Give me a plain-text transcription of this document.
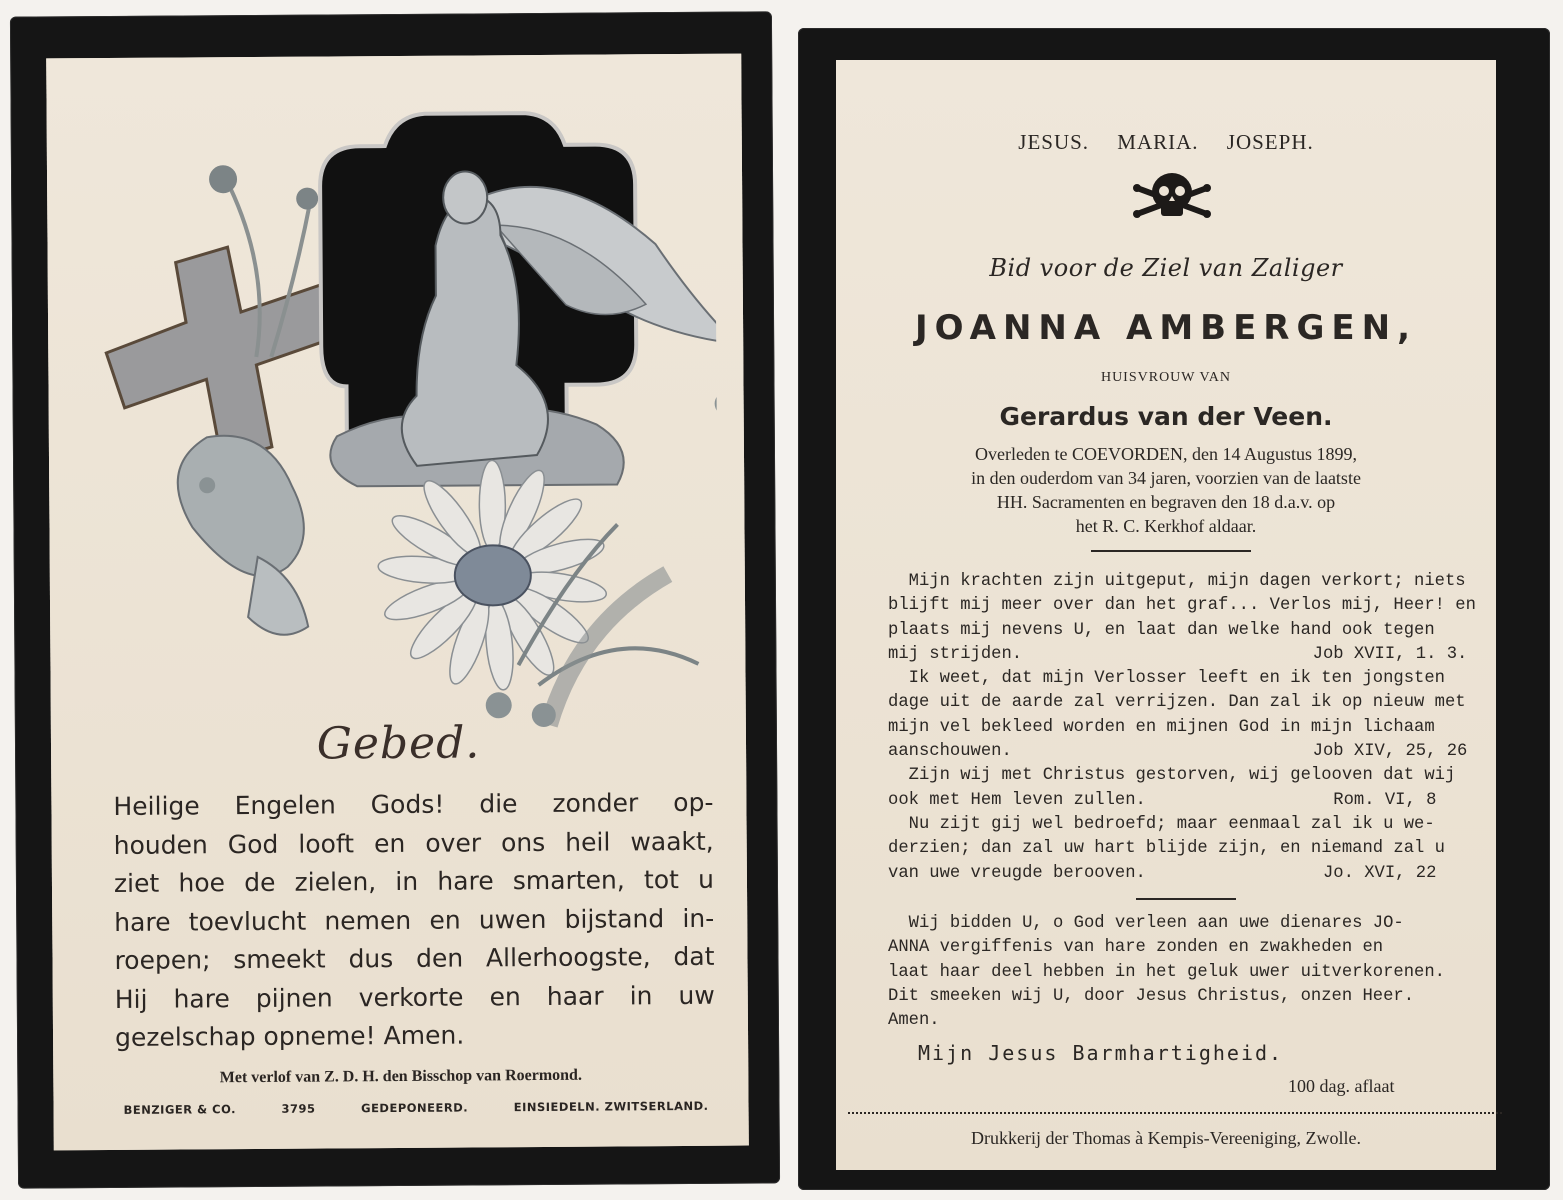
Gebed.

Heilige Engelen Gods! die zonder op-

houden God looft en over ons heil waakt,

ziet hoe de zielen, in hare smarten, tot u

hare toevlucht nemen en uwen bijstand in-

roepen; smeekt dus den Allerhoogste, dat

Hij hare pijnen verkorte en haar in uw

gezelschap opneme! Amen.

Met verlof van Z. D. H. den Bisschop van Roermond.
BENZIGER & CO.	3795	GEDEPONEERD.	EINSIEDELN. ZWITSERLAND.
JESUS. MARIA. JOSEPH.
Bid voor de Ziel van Zaliger
JOANNA AMBERGEN,
HUISVROUW VAN
Gerardus van der Veen.
Overleden te COEVORDEN, den 14 Augustus 1899,
in den ouderdom van 34 jaren, voorzien van de laatste
HH. Sacramenten en begraven den 18 d.a.v. op
het R. C. Kerkhof aldaar.
Mijn krachten zijn uitgeput, mijn dagen verkort; niets
blijft mij meer over dan het graf... Verlos mij, Heer! en
plaats mij nevens U, en laat dan welke hand ook tegen
mij strijden.	Job XVII, 1. 3.
Ik weet, dat mijn Verlosser leeft en ik ten jongsten
dage uit de aarde zal verrijzen. Dan zal ik op nieuw met
mijn vel bekleed worden en mijnen God in mijn lichaam
aanschouwen.	Job XIV, 25, 26
Zijn wij met Christus gestorven, wij gelooven dat wij
ook met Hem leven zullen.	Rom. VI, 8
Nu zijt gij wel bedroefd; maar eenmaal zal ik u we-
derzien; dan zal uw hart blijde zijn, en niemand zal u
van uwe vreugde berooven.	Jo. XVI, 22
Wij bidden U, o God verleen aan uwe dienares JO-
ANNA vergiffenis van hare zonden en zwakheden en
laat haar deel hebben in het geluk uwer uitverkorenen.
Dit smeeken wij U, door Jesus Christus, onzen Heer.
Amen.
Mijn Jesus Barmhartigheid.
100 dag. aflaat
Drukkerij der Thomas à Kempis-Vereeniging, Zwolle.
